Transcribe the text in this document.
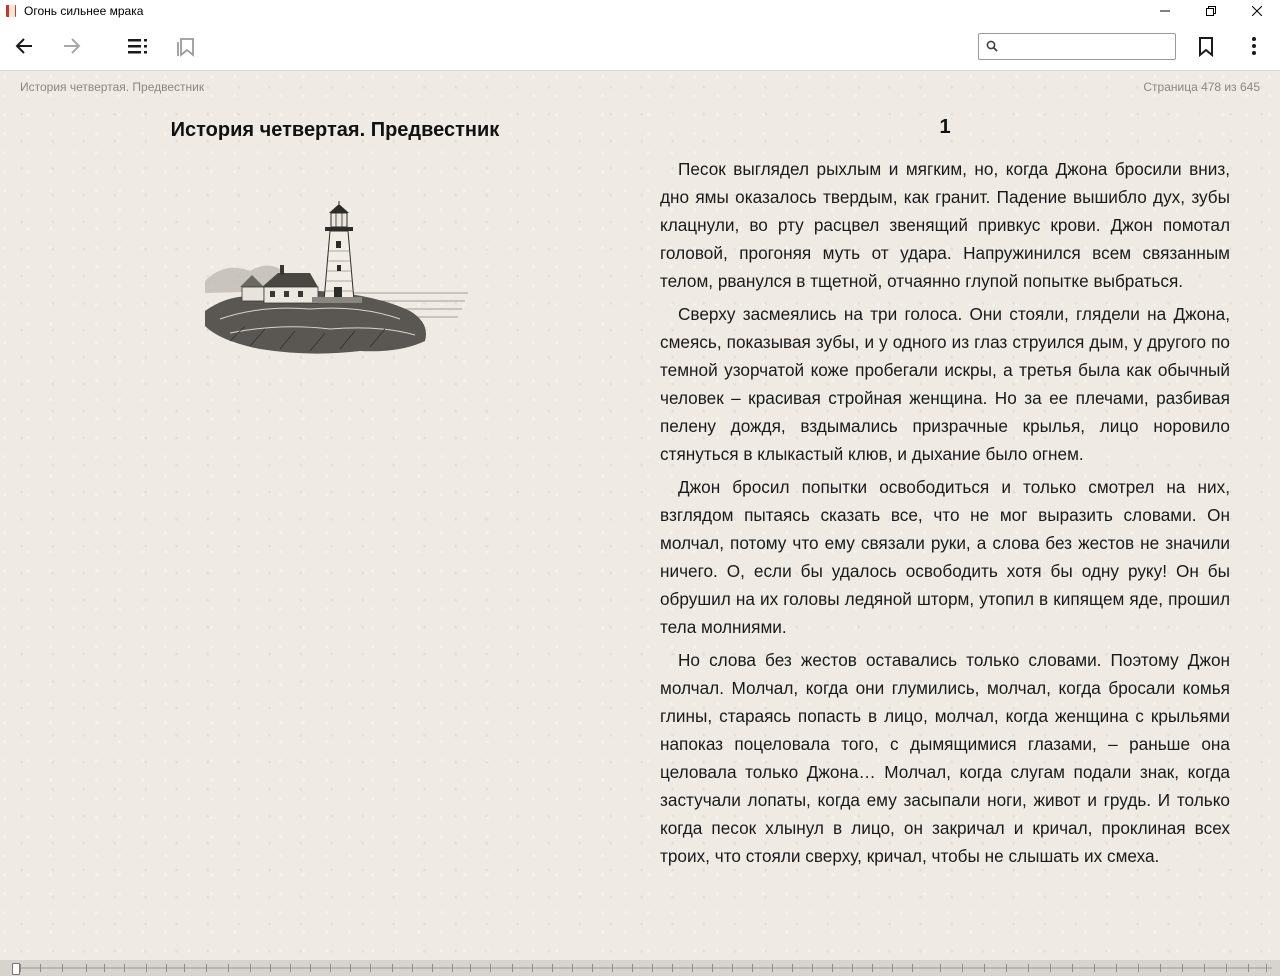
Огонь сильнее мрака
История четвертая. Предвестник	Страница 478 из 645
История четвертая. Предвестник	1

Песок выглядел рыхлым и мягким, но, когда Джона бросили вниз, дно ямы оказалось твердым, как гранит. Падение вышибло дух, зубы клацнули, во рту расцвел звенящий привкус крови. Джон помотал головой, прогоняя муть от удара. Напружинился всем связанным телом, рванулся в тщетной, отчаянно глупой попытке выбраться.

Сверху засмеялись на три голоса. Они стояли, глядели на Джона, смеясь, показывая зубы, и у одного из глаз струился дым, у другого по темной узорчатой коже пробегали искры, а третья была как обычный человек – красивая стройная женщина. Но за ее плечами, разбивая пелену дождя, вздымались призрачные крылья, лицо норовило стянуться в клыкастый клюв, и дыхание было огнем.

Джон бросил попытки освободиться и только смотрел на них, взглядом пытаясь сказать все, что не мог выразить словами. Он молчал, потому что ему связали руки, а слова без жестов не значили ничего. О, если бы удалось освободить хотя бы одну руку! Он бы обрушил на их головы ледяной шторм, утопил в кипящем яде, прошил тела молниями.

Но слова без жестов оставались только словами. Поэтому Джон молчал. Молчал, когда они глумились, молчал, когда бросали комья глины, стараясь попасть в лицо, молчал, когда женщина с крыльями напоказ поцеловала того, с дымящимися глазами, – раньше она целовала только Джона… Молчал, когда слугам подали знак, когда застучали лопаты, когда ему засыпали ноги, живот и грудь. И только когда песок хлынул в лицо, он закричал и кричал, проклиная всех троих, что стояли сверху, кричал, чтобы не слышать их смеха.
